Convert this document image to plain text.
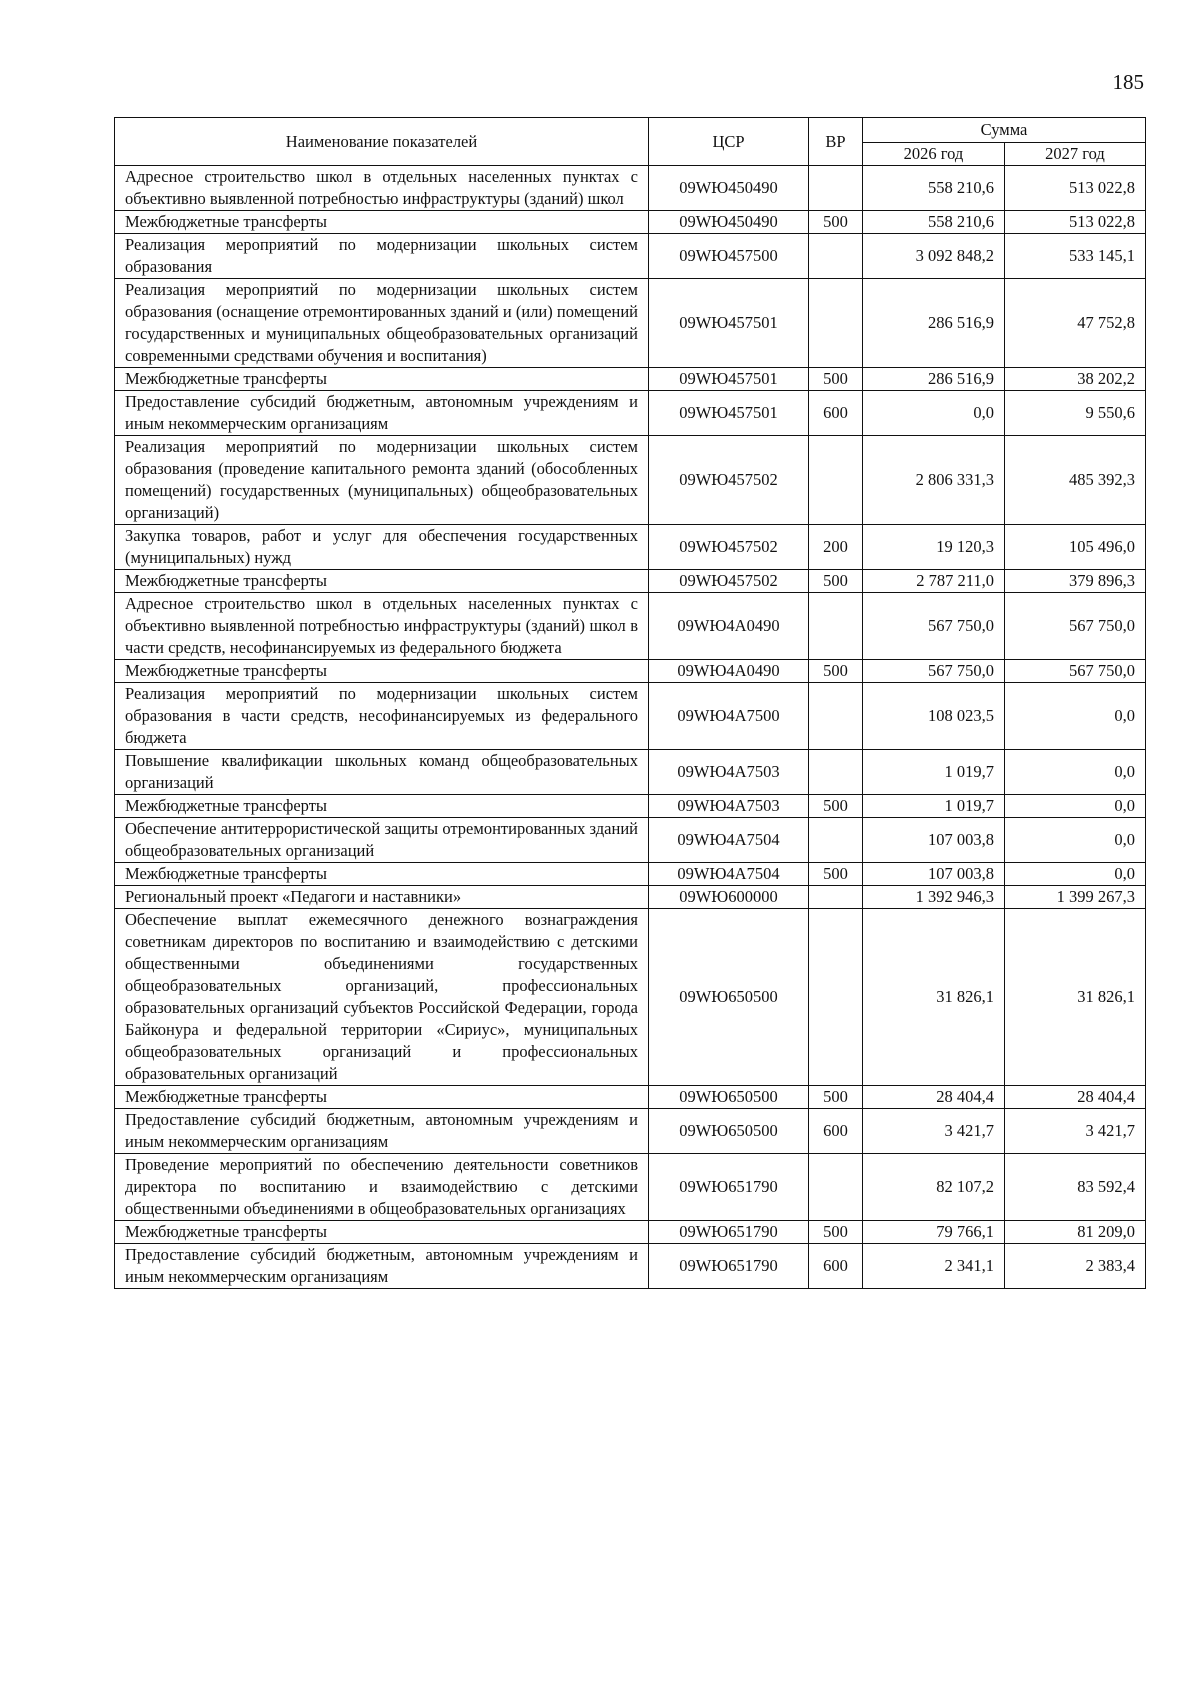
185
Наименование показателей	ЦСР	ВР	Сумма	
			2026 год	2027 год
Адресное строительство школ в отдельных населенных пунктах с объективно выявленной потребностью инфраструктуры (зданий) школ	09WЮ450490		558 210,6	513 022,8
Межбюджетные трансферты	09WЮ450490	500	558 210,6	513 022,8
Реализация мероприятий по модернизации школьных систем образования	09WЮ457500		3 092 848,2	533 145,1
Реализация мероприятий по модернизации школьных систем образования (оснащение отремонтированных зданий и (или) помещений государственных и муниципальных общеобразовательных организаций современными средствами обучения и воспитания)	09WЮ457501		286 516,9	47 752,8
Межбюджетные трансферты	09WЮ457501	500	286 516,9	38 202,2
Предоставление субсидий бюджетным, автономным учреждениям и иным некоммерческим организациям	09WЮ457501	600	0,0	9 550,6
Реализация мероприятий по модернизации школьных систем образования (проведение капитального ремонта зданий (обособленных помещений) государственных (муниципальных) общеобразовательных организаций)	09WЮ457502		2 806 331,3	485 392,3
Закупка товаров, работ и услуг для обеспечения государственных (муниципальных) нужд	09WЮ457502	200	19 120,3	105 496,0
Межбюджетные трансферты	09WЮ457502	500	2 787 211,0	379 896,3
Адресное строительство школ в отдельных населенных пунктах с объективно выявленной потребностью инфраструктуры (зданий) школ в части средств, несофинансируемых из федерального бюджета	09WЮ4A0490		567 750,0	567 750,0
Межбюджетные трансферты	09WЮ4A0490	500	567 750,0	567 750,0
Реализация мероприятий по модернизации школьных систем образования в части средств, несофинансируемых из федерального бюджета	09WЮ4A7500		108 023,5	0,0
Повышение квалификации школьных команд общеобразовательных организаций	09WЮ4A7503		1 019,7	0,0
Межбюджетные трансферты	09WЮ4A7503	500	1 019,7	0,0
Обеспечение антитеррористической защиты отремонтированных зданий общеобразовательных организаций	09WЮ4A7504		107 003,8	0,0
Межбюджетные трансферты	09WЮ4A7504	500	107 003,8	0,0
Региональный проект «Педагоги и наставники»	09WЮ600000		1 392 946,3	1 399 267,3
Обеспечение выплат ежемесячного денежного вознаграждения советникам директоров по воспитанию и взаимодействию с детскими общественными объединениями государственных общеобразовательных организаций, профессиональных образовательных организаций субъектов Российской Федерации, города Байконура и федеральной территории «Сириус», муниципальных общеобразовательных организаций и профессиональных образовательных организаций	09WЮ650500		31 826,1	31 826,1
Межбюджетные трансферты	09WЮ650500	500	28 404,4	28 404,4
Предоставление субсидий бюджетным, автономным учреждениям и иным некоммерческим организациям	09WЮ650500	600	3 421,7	3 421,7
Проведение мероприятий по обеспечению деятельности советников директора по воспитанию и взаимодействию с детскими общественными объединениями в общеобразовательных организациях	09WЮ651790		82 107,2	83 592,4
Межбюджетные трансферты	09WЮ651790	500	79 766,1	81 209,0
Предоставление субсидий бюджетным, автономным учреждениям и иным некоммерческим организациям	09WЮ651790	600	2 341,1	2 383,4
